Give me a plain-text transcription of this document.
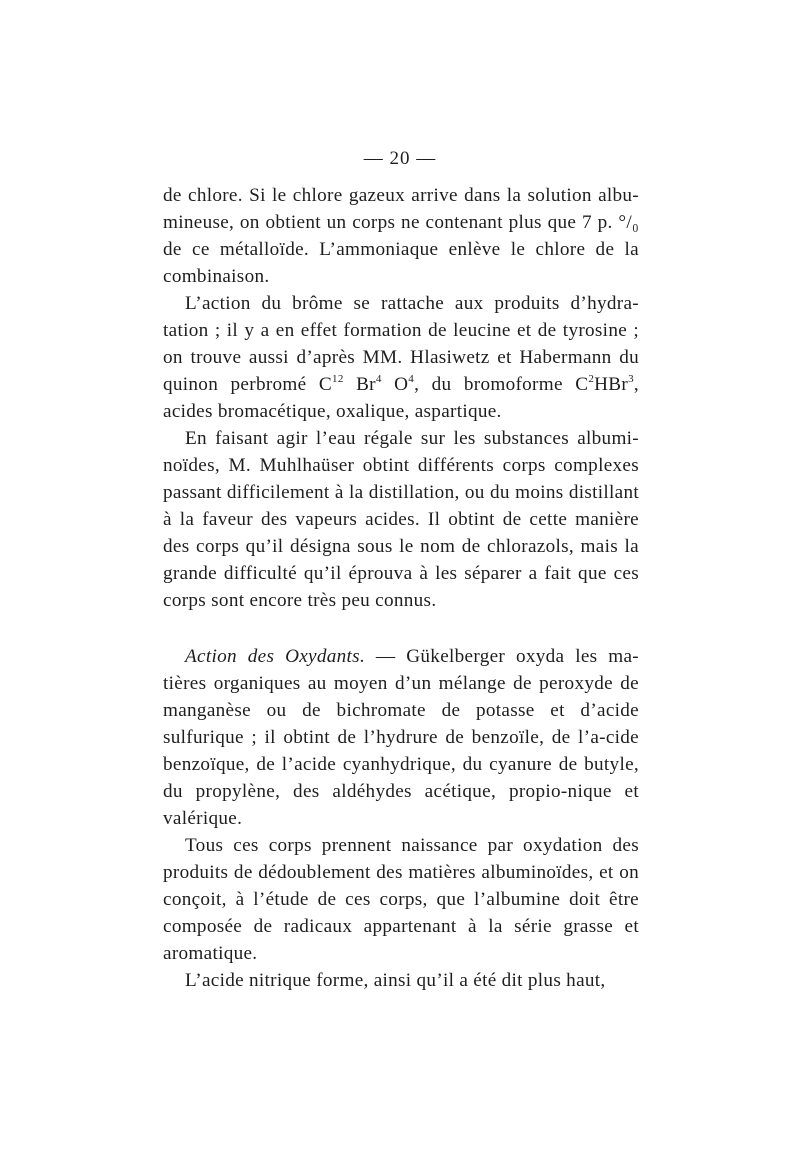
— 20 —

de chlore. Si le chlore gazeux arrive dans la solution albu-mineuse, on obtient un corps ne contenant plus que 7 p. °/₀ de ce métalloïde. L’ammoniaque enlève le chlore de la combinaison.

L’action du brôme se rattache aux produits d’hydra-tation ; il y a en effet formation de leucine et de tyrosine ; on trouve aussi d’après MM. Hlasiwetz et Habermann du quinon perbromé $C^{12}$ Br$^4$ $O^4$, du bromoforme $C^2HBr^3$, acides bromacétique, oxalique, aspartique.

En faisant agir l’eau régale sur les substances albumi-noïdes, M. Muhlhaüser obtint différents corps complexes passant difficilement à la distillation, ou du moins distillant à la faveur des vapeurs acides. Il obtint de cette manière des corps qu’il désigna sous le nom de chlorazols, mais la grande difficulté qu’il éprouva à les séparer a fait que ces corps sont encore très peu connus.

Action des Oxydants. — Gükelberger oxyda les ma-tières organiques au moyen d’un mélange de peroxyde de manganèse ou de bichromate de potasse et d’acide sulfurique ; il obtint de l’hydrure de benzoïle, de l’a-cide benzoïque, de l’acide cyanhydrique, du cyanure de butyle, du propylène, des aldéhydes acétique, propio-nique et valérique.

Tous ces corps prennent naissance par oxydation des produits de dédoublement des matières albuminoïdes, et on conçoit, à l’étude de ces corps, que l’albumine doit être composée de radicaux appartenant à la série grasse et aromatique.

L’acide nitrique forme, ainsi qu’il a été dit plus haut,
